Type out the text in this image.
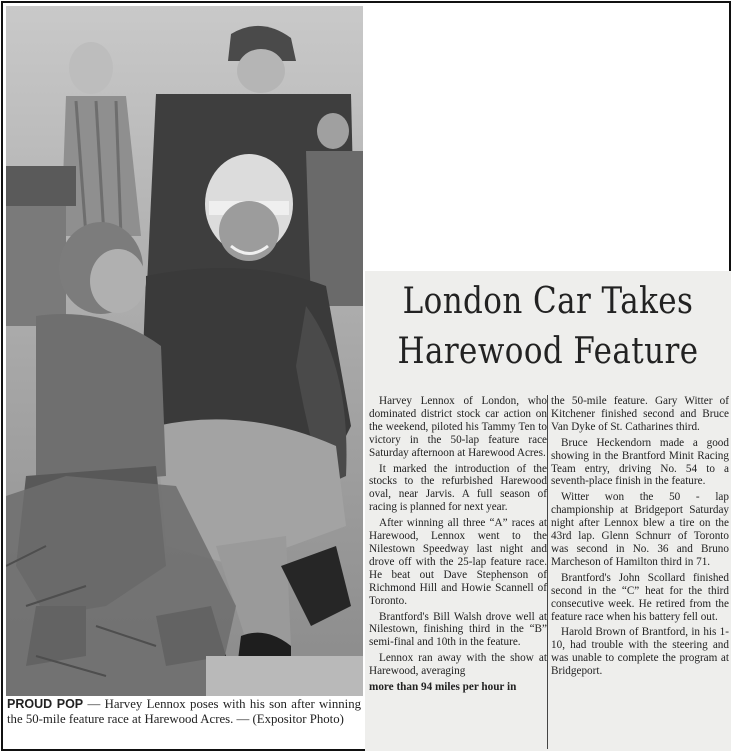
PROUD POP — Harvey Lennox poses with his son after winning the 50-mile feature race at Harewood Acres. — (Expositor Photo)
London Car Takes
Harewood Feature

Harvey Lennox of London, who dominated district stock car action on the weekend, piloted his Tammy Ten to victory in the 50-lap feature race Saturday afternoon at Harewood Acres.

It marked the introduction of the stocks to the refurbished Harewood oval, near Jarvis. A full season of racing is planned for next year.

After winning all three “A” races at Harewood, Lennox went to the Nilestown Speedway last night and drove off with the 25-lap feature race. He beat out Dave Stephenson of Richmond Hill and Howie Scannell of Toronto.

Brantford's Bill Walsh drove well at Nilestown, finishing third in the “B” semi-final and 10th in the feature.

Lennox ran away with the show at Harewood, averaging

more than 94 miles per hour in

the 50-mile feature. Gary Witter of Kitchener finished second and Bruce Van Dyke of St. Catharines third.

Bruce Heckendorn made a good showing in the Brantford Minit Racing Team entry, driving No. 54 to a seventh-place finish in the feature.

Witter won the 50 - lap championship at Bridgeport Saturday night after Lennox blew a tire on the 43rd lap. Glenn Schnurr of Toronto was second in No. 36 and Bruno Marcheson of Hamilton third in 71.

Brantford's John Scollard finished second in the “C” heat for the third consecutive week. He retired from the feature race when his battery fell out.

Harold Brown of Brantford, in his 1-10, had trouble with the steering and was unable to complete the program at Bridgeport.
